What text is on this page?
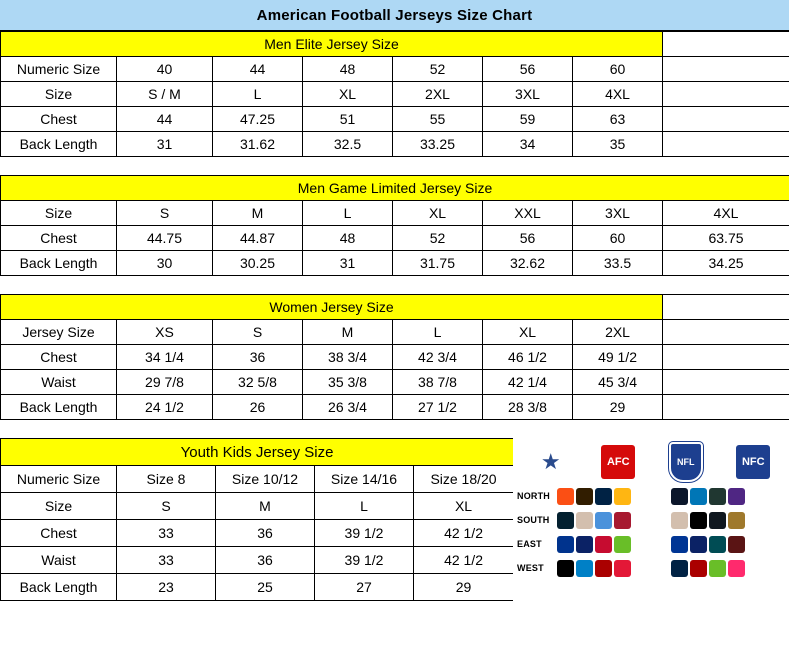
American Football Jerseys Size Chart
Men Elite Jersey Size							
Numeric Size	40	44	48	52	56	60	
Size	S / M	L	XL	2XL	3XL	4XL	
Chest	44	47.25	51	55	59	63	
Back Length	31	31.62	32.5	33.25	34	35	
Men Game Limited Jersey Size							
Size	S	M	L	XL	XXL	3XL	4XL
Chest	44.75	44.87	48	52	56	60	63.75
Back Length	30	30.25	31	31.75	32.62	33.5	34.25
Women Jersey Size							
Jersey Size	XS	S	M	L	XL	2XL	
Chest	34 1/4	36	38 3/4	42 3/4	46 1/2	49 1/2	
Waist	29 7/8	32 5/8	35 3/8	38 7/8	42 1/4	45 3/4	
Back Length	24 1/2	26	26 3/4	27 1/2	28 3/8	29	
Youth Kids Jersey Size				
Numeric Size	Size 8	Size 10/12	Size 14/16	Size 18/20
Size	S	M	L	XL
Chest	33	36	39 1/2	42 1/2
Waist	33	36	39 1/2	42 1/2
Back Length	23	25	27	29
★	AFC	NFL	NFC
NORTH
SOUTH
EAST
WEST
